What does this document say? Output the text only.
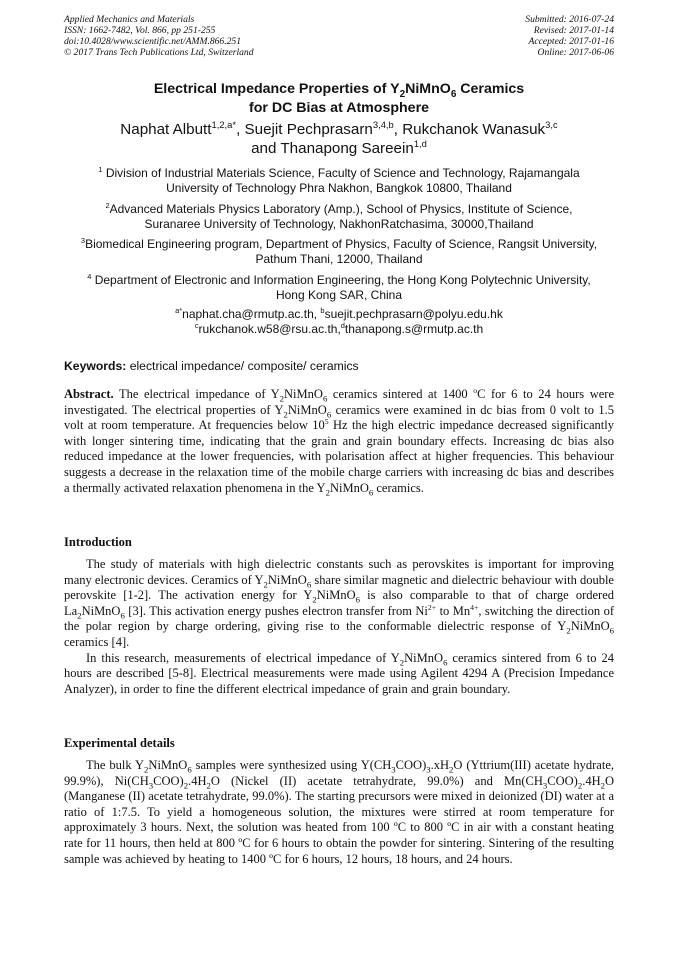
Applied Mechanics and Materials
ISSN: 1662-7482, Vol. 866, pp 251-255
doi:10.4028/www.scientific.net/AMM.866.251
© 2017 Trans Tech Publications Ltd, Switzerland
Submitted: 2016-07-24
Revised: 2017-01-14
Accepted: 2017-01-16
Online: 2017-06-06
Electrical Impedance Properties of $Y_2NiMnO_6$ Ceramics
for DC Bias at Atmosphere
Naphat Albutt$^{1,2,a*}$, Suejit Pechprasarn$^{3,4,b}$, Rukchanok Wanasuk$^{3,c}$
and Thanapong Sareein$^{1,d}$
$^1$ Division of Industrial Materials Science, Faculty of Science and Technology, Rajamangala
University of Technology Phra Nakhon, Bangkok 10800, Thailand
$^2$Advanced Materials Physics Laboratory (Amp.), School of Physics, Institute of Science,
Suranaree University of Technology, NakhonRatchasima, 30000,Thailand
$^3$Biomedical Engineering program, Department of Physics, Faculty of Science, Rangsit University,
Pathum Thani, 12000, Thailand
$^4$ Department of Electronic and Information Engineering, the Hong Kong Polytechnic University,
Hong Kong SAR, China
$^{a*}$naphat.cha@rmutp.ac.th, $^b$suejit.pechprasarn@polyu.edu.hk
$^c$rukchanok.w58@rsu.ac.th,$^d$thanapong.s@rmutp.ac.th
Keywords: electrical impedance/ composite/ ceramics

Abstract. The electrical impedance of $Y_2NiMnO_6$ ceramics sintered at 1400 $^o$C for 6 to 24 hours were investigated. The electrical properties of $Y_2NiMnO_6$ ceramics were examined in dc bias from 0 volt to 1.5 volt at room temperature. At frequencies below $10^5$ Hz the high electric impedance decreased significantly with longer sintering time, indicating that the grain and grain boundary effects. Increasing dc bias also reduced impedance at the lower frequencies, with polarisation affect at higher frequencies. This behaviour suggests a decrease in the relaxation time of the mobile charge carriers with increasing dc bias and describes a thermally activated relaxation phenomena in the $Y_2NiMnO_6$ ceramics.

Introduction

The study of materials with high dielectric constants such as perovskites is important for improving many electronic devices. Ceramics of $Y_2NiMnO_6$ share similar magnetic and dielectric behaviour with double perovskite [1-2]. The activation energy for $Y_2NiMnO_6$ is also comparable to that of charge ordered $La_2NiMnO_6$ [3]. This activation energy pushes electron transfer from $Ni^{2+}$ to $Mn^{4+}$, switching the direction of the polar region by charge ordering, giving rise to the conformable dielectric response of $Y_2NiMnO_6$ ceramics [4].

In this research, measurements of electrical impedance of $Y_2NiMnO_6$ ceramics sintered from 6 to 24 hours are described [5-8]. Electrical measurements were made using Agilent 4294 A (Precision Impedance Analyzer), in order to fine the different electrical impedance of grain and grain boundary.

Experimental details

The bulk $Y_2NiMnO_6$ samples were synthesized using $Y(CH_3COO)_3.xH_2O$ (Yttrium(III) acetate hydrate, 99.9%), $Ni(CH_3COO)_2.4H_2O$ (Nickel (II) acetate tetrahydrate, 99.0%) and $Mn(CH_3COO)_2.4H_2O$ (Manganese (II) acetate tetrahydrate, 99.0%). The starting precursors were mixed in deionized (DI) water at a ratio of 1:7.5. To yield a homogeneous solution, the mixtures were stirred at room temperature for approximately 3 hours. Next, the solution was heated from 100 ºC to 800 ºC in air with a constant heating rate for 11 hours, then held at 800 ºC for 6 hours to obtain the powder for sintering. Sintering of the resulting sample was achieved by heating to 1400 ºC for 6 hours, 12 hours, 18 hours, and 24 hours.
